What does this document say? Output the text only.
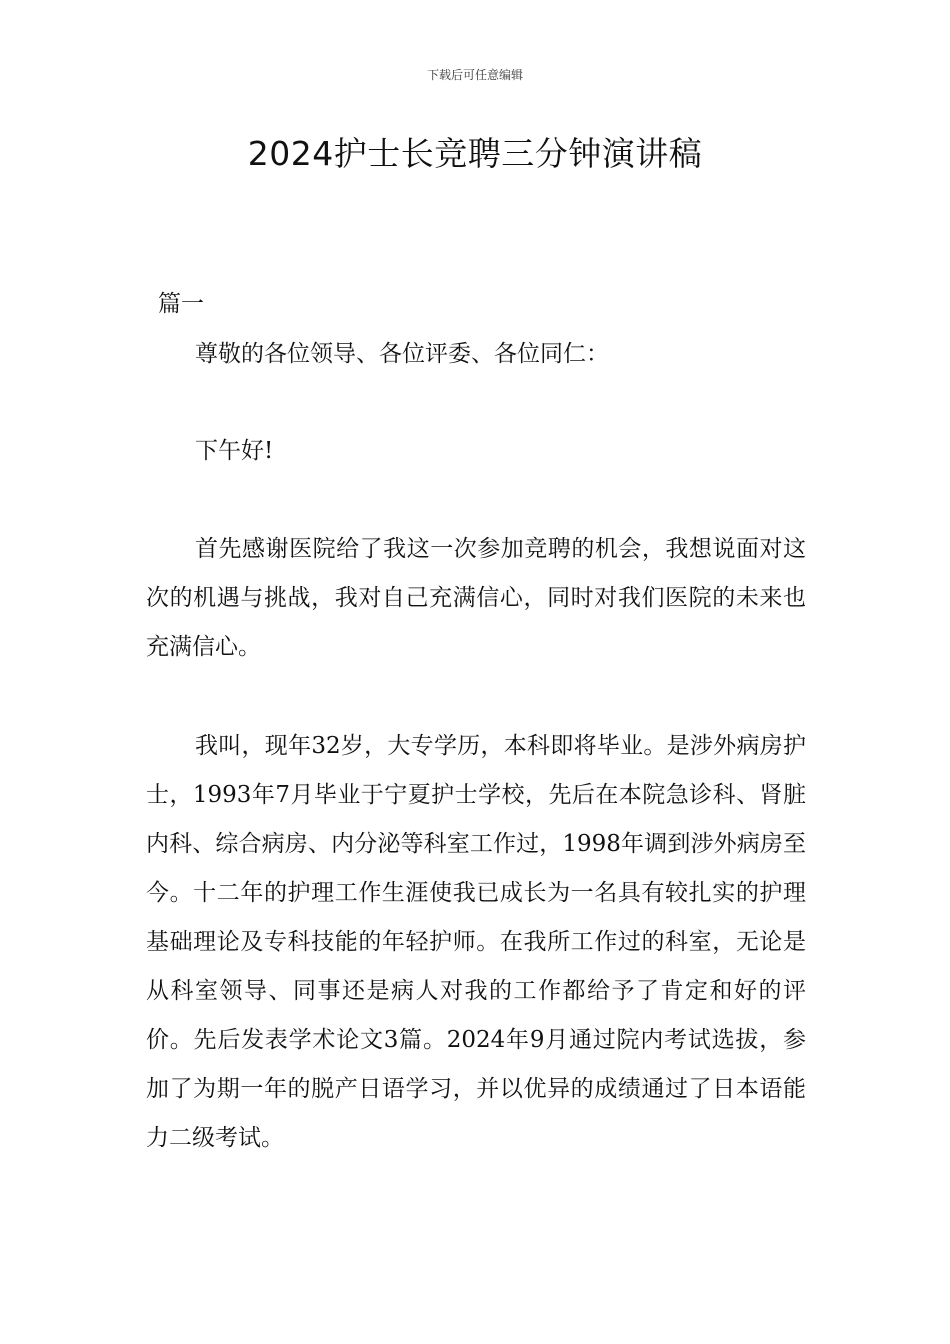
下载后可任意编辑
2024护士长竞聘三分钟演讲稿

篇一

尊敬的各位领导、各位评委、各位同仁：

下午好!

首先感谢医院给了我这一次参加竞聘的机会，我想说面对这次的机遇与挑战，我对自己充满信心，同时对我们医院的未来也充满信心。

我叫，现年32岁，大专学历，本科即将毕业。是涉外病房护士，1993年7月毕业于宁夏护士学校，先后在本院急诊科、肾脏内科、综合病房、内分泌等科室工作过，1998年调到涉外病房至今。十二年的护理工作生涯使我已成长为一名具有较扎实的护理基础理论及专科技能的年轻护师。在我所工作过的科室，无论是从科室领导、同事还是病人对我的工作都给予了肯定和好的评价。先后发表学术论文3篇。2024年9月通过院内考试选拔，参加了为期一年的脱产日语学习，并以优异的成绩通过了日本语能力二级考试。
